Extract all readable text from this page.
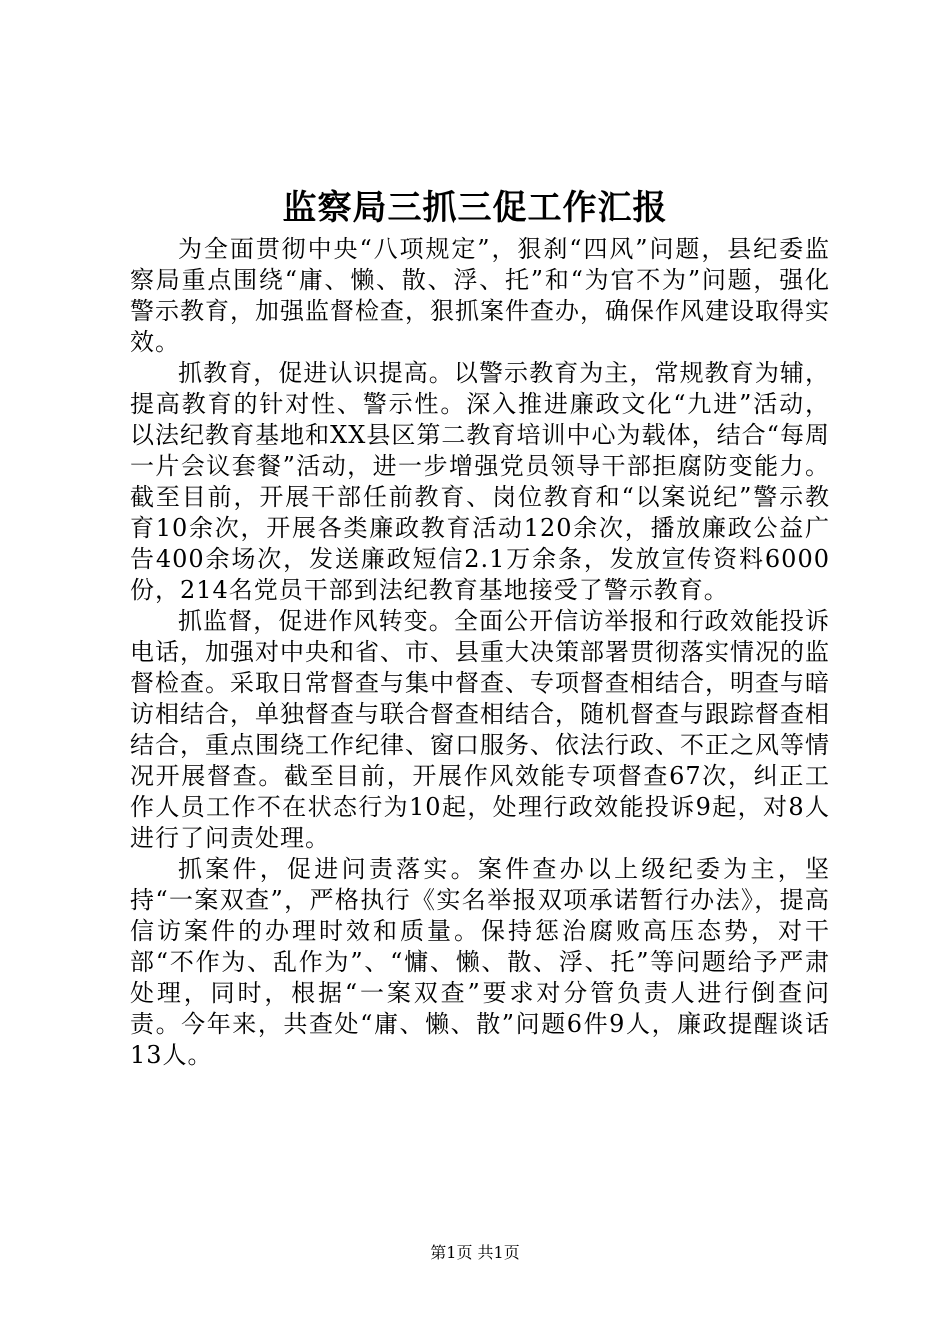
监察局三抓三促工作汇报

为全面贯彻中央“八项规定”，狠刹“四风”问题，县纪委监察局重点围绕“庸、懒、散、浮、托”和“为官不为”问题，强化警示教育，加强监督检查，狠抓案件查办，确保作风建设取得实效。

抓教育，促进认识提高。以警示教育为主，常规教育为辅，提高教育的针对性、警示性。深入推进廉政文化“九进”活动，以法纪教育基地和XX县区第二教育培训中心为载体，结合“每周一片会议套餐”活动，进一步增强党员领导干部拒腐防变能力。截至目前，开展干部任前教育、岗位教育和“以案说纪”警示教育10余次，开展各类廉政教育活动120余次，播放廉政公益广告400余场次，发送廉政短信2.1万余条，发放宣传资料6000份，214名党员干部到法纪教育基地接受了警示教育。

抓监督，促进作风转变。全面公开信访举报和行政效能投诉电话，加强对中央和省、市、县重大决策部署贯彻落实情况的监督检查。采取日常督查与集中督查、专项督查相结合，明查与暗访相结合，单独督查与联合督查相结合，随机督查与跟踪督查相结合，重点围绕工作纪律、窗口服务、依法行政、不正之风等情况开展督查。截至目前，开展作风效能专项督查67次，纠正工作人员工作不在状态行为10起，处理行政效能投诉9起，对8人进行了问责处理。

抓案件，促进问责落实。案件查办以上级纪委为主，坚持“一案双查”，严格执行《实名举报双项承诺暂行办法》，提高信访案件的办理时效和质量。保持惩治腐败高压态势，对干部“不作为、乱作为”、“慵、懒、散、浮、托”等问题给予严肃处理，同时，根据“一案双查”要求对分管负责人进行倒查问责。今年来，共查处“庸、懒、散”问题6件9人，廉政提醒谈话13人。

第1页 共1页
